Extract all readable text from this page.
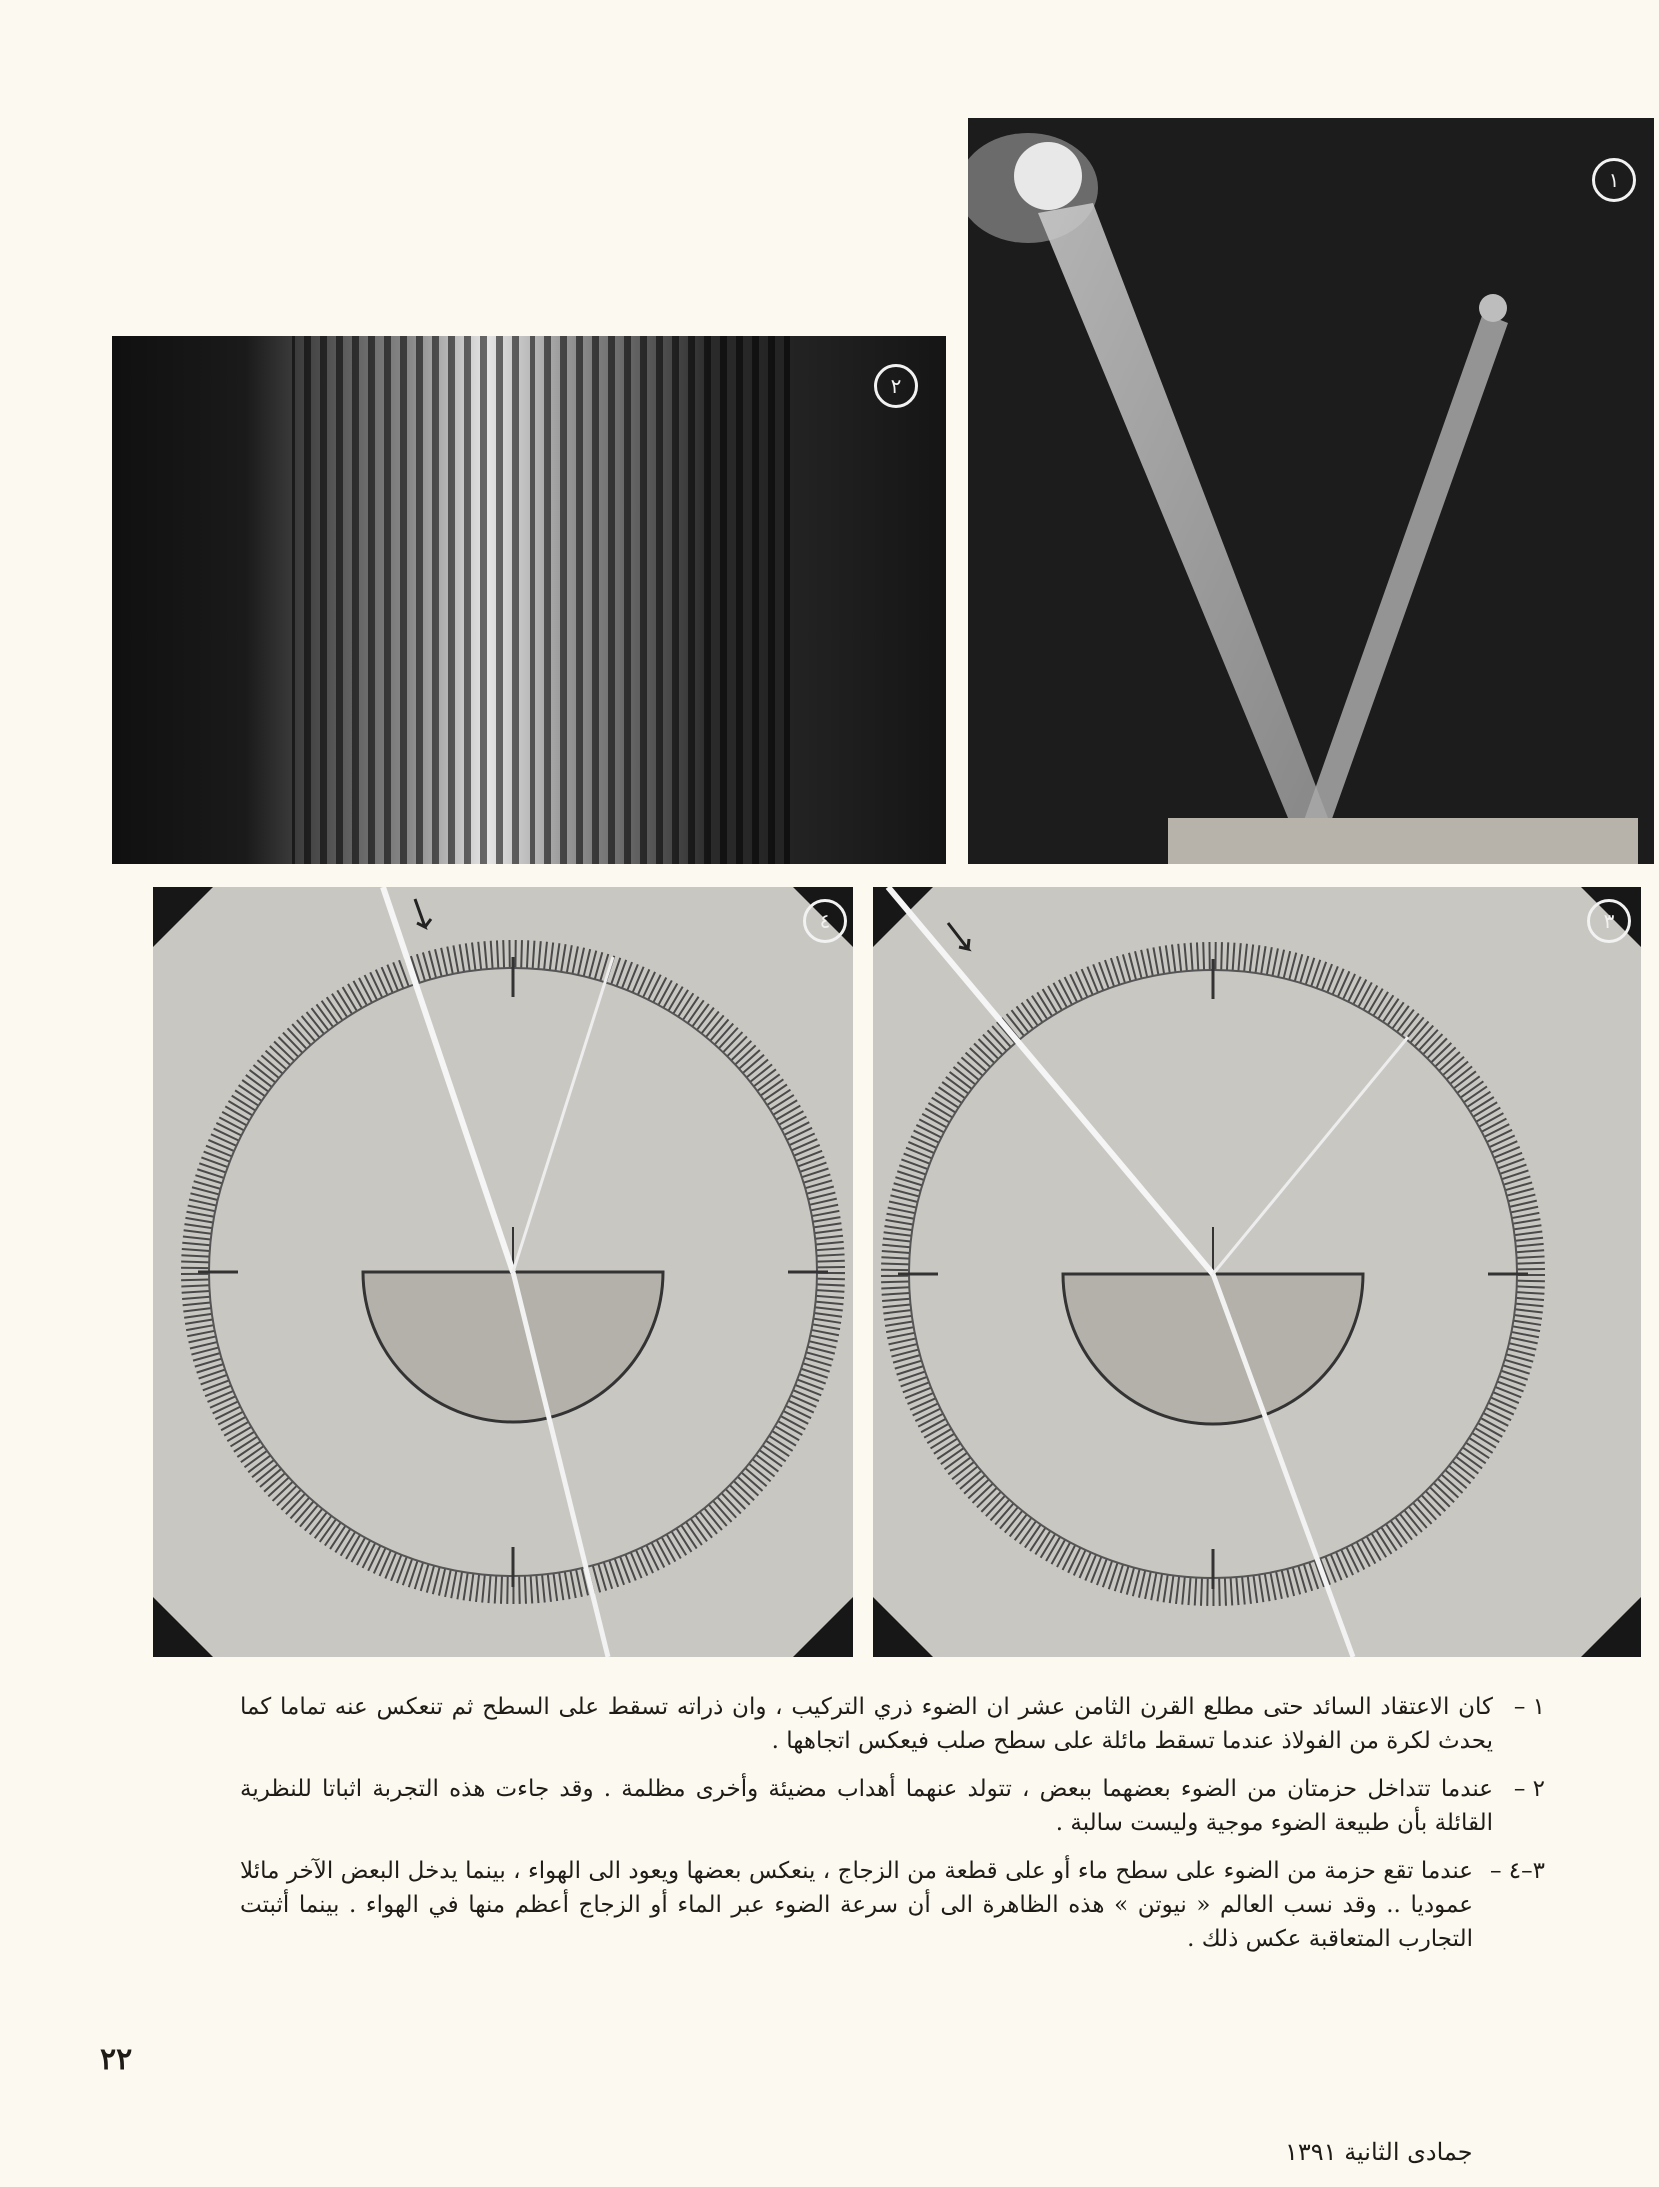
١
٢
٤	٣

١ –
كان الاعتقاد السائد حتى مطلع القرن الثامن عشر ان الضوء ذري التركيب ، وان ذراته تسقط على السطح ثم تنعكس عنه تماما كما يحدث لكرة من الفولاذ عندما تسقط مائلة على سطح صلب فيعكس اتجاهها .

٢ –
عندما تتداخل حزمتان من الضوء بعضهما ببعض ، تتولد عنهما أهداب مضيئة وأخرى مظلمة . وقد جاءت هذه التجربة اثباتا للنظرية القائلة بأن طبيعة الضوء موجية وليست سالبة .

٣–٤ –
عندما تقع حزمة من الضوء على سطح ماء أو على قطعة من الزجاج ، ينعكس بعضها ويعود الى الهواء ، بينما يدخل البعض الآخر مائلا عموديا .. وقد نسب العالم « نيوتن » هذه الظاهرة الى أن سرعة الضوء عبر الماء أو الزجاج أعظم منها في الهواء . بينما أثبتت التجارب المتعاقبة عكس ذلك .

٢٢
جمادى الثانية ١٣٩١
